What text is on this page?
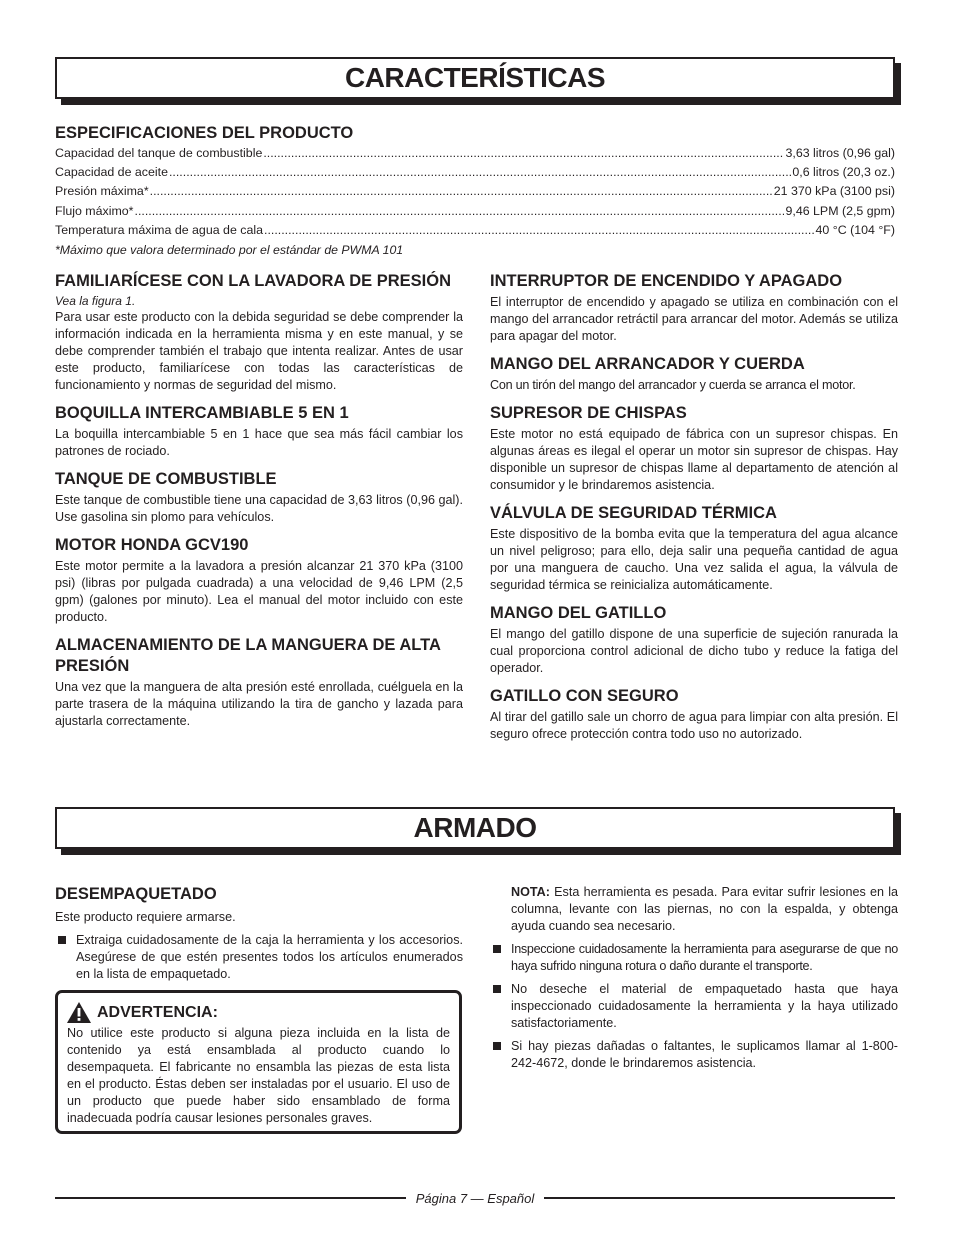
CARACTERÍSTICAS
ESPECIFICACIONES DEL PRODUCTO
Capacidad del tanque de combustible .....	3,63 litros (0,96 gal)
Capacidad de aceite .....	0,6 litros (20,3 oz.)
Presión máxima* .....	21 370 kPa (3100 psi)
Flujo máximo* .....	9,46 LPM (2,5 gpm)
Temperatura máxima de agua de cala .....	40 °C (104 °F)

*Máximo que valora determinado por el estándar de PWMA 101

FAMILIARÍCESE CON LA LAVADORA DE PRESIÓN

Vea la figura 1.

Para usar este producto con la debida seguridad se debe comprender la información indicada en la herramienta misma y en este manual, y se debe comprender también el trabajo que intenta realizar. Antes de usar este producto, familiarícese con todas las características de funcionamiento y normas de seguridad del mismo.

BOQUILLA INTERCAMBIABLE 5 EN 1

La boquilla intercambiable 5 en 1 hace que sea más fácil cambiar los patrones de rociado.

TANQUE DE COMBUSTIBLE

Este tanque de combustible tiene una capacidad de 3,63 litros (0,96 gal). Use gasolina sin plomo para vehículos.

MOTOR HONDA GCV190

Este motor permite a la lavadora a presión alcanzar 21 370 kPa (3100 psi) (libras por pulgada cuadrada) a una velocidad de 9,46 LPM (2,5 gpm) (galones por minuto). Lea el manual del motor incluido con este producto.

ALMACENAMIENTO DE LA MANGUERA DE ALTA PRESIÓN

Una vez que la manguera de alta presión esté enrollada, cuélguela en la parte trasera de la máquina utilizando la tira de gancho y lazada para ajustarla correctamente.

INTERRUPTOR DE ENCENDIDO Y APAGADO

El interruptor de encendido y apagado se utiliza en combinación con el mango del arrancador retráctil para arrancar del motor. Además se utiliza para apagar del motor.

MANGO DEL ARRANCADOR Y CUERDA

Con un tirón del mango del arrancador y cuerda se arranca el motor.

SUPRESOR DE CHISPAS

Este motor no está equipado de fábrica con un supresor chispas. En algunas áreas es ilegal el operar un motor sin supresor de chispas. Hay disponible un supresor de chispas llame al departamento de atención al consumidor y le brindaremos asistencia.

VÁLVULA DE SEGURIDAD TÉRMICA

Este dispositivo de la bomba evita que la temperatura del agua alcance un nivel peligroso; para ello, deja salir una pequeña cantidad de agua por una manguera de caucho. Una vez salida el agua, la válvula de seguridad térmica se reinicializa automáticamente.

MANGO DEL GATILLO

El mango del gatillo dispone de una superficie de sujeción ranurada la cual proporciona control adicional de dicho tubo y reduce la fatiga del operador.

GATILLO CON SEGURO

Al tirar del gatillo sale un chorro de agua para limpiar con alta presión. El seguro ofrece protección contra todo uso no autorizado.

ARMADO
DESEMPAQUETADO

Este producto requiere armarse.

Extraiga cuidadosamente de la caja la herramienta y los accesorios. Asegúrese de que estén presentes todos los artículos enumerados en la lista de empaquetado.
ADVERTENCIA:

No utilice este producto si alguna pieza incluida en la lista de contenido ya está ensamblada al producto cuando lo desempaqueta. El fabricante no ensambla las piezas de esta lista en el producto. Éstas deben ser instaladas por el usuario. El uso de un producto que puede haber sido ensamblado de forma inadecuada podría causar lesiones personales graves.

NOTA: Esta herramienta es pesada. Para evitar sufrir lesiones en la columna, levante con las piernas, no con la espalda, y obtenga ayuda cuando sea necesario.

Inspeccione cuidadosamente la herramienta para asegurarse de que no haya sufrido ninguna rotura o daño durante el transporte.
No deseche el material de empaquetado hasta que haya inspeccionado cuidadosamente la herramienta y la haya utilizado satisfactoriamente.
Si hay piezas dañadas o faltantes, le suplicamos llamar al 1-800-242-4672, donde le brindaremos asistencia.
Página 7 — Español
